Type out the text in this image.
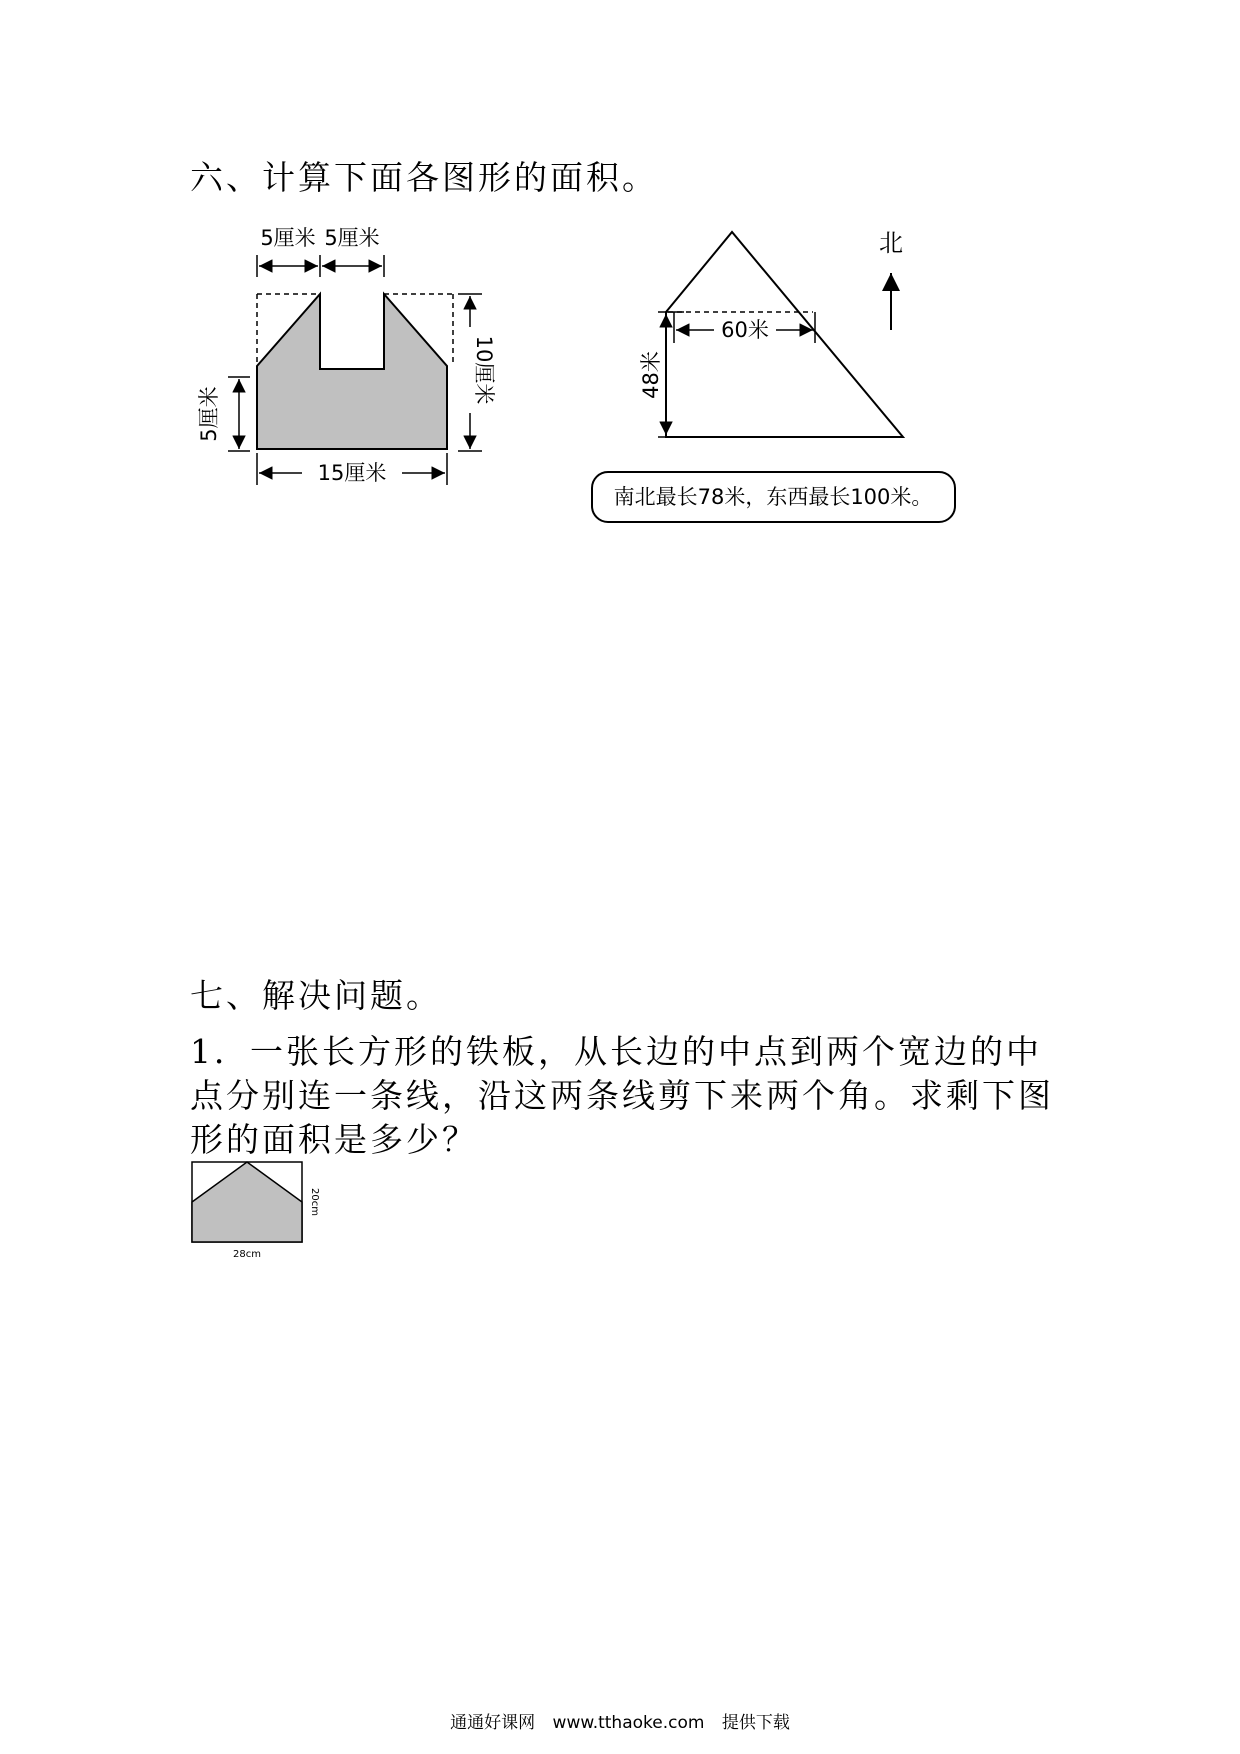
六、计算下面各图形的面积。
5厘米 5厘米
5厘米
10厘米
15厘米
60米
48米
北
南北最长78米，东西最长100米。
七、解决问题。
1．一张长方形的铁板，从长边的中点到两个宽边的中点分别连一条线，沿这两条线剪下来两个角。求剩下图形的面积是多少？
20cm
28cm
通通好课网 www.tthaoke.com 提供下载
